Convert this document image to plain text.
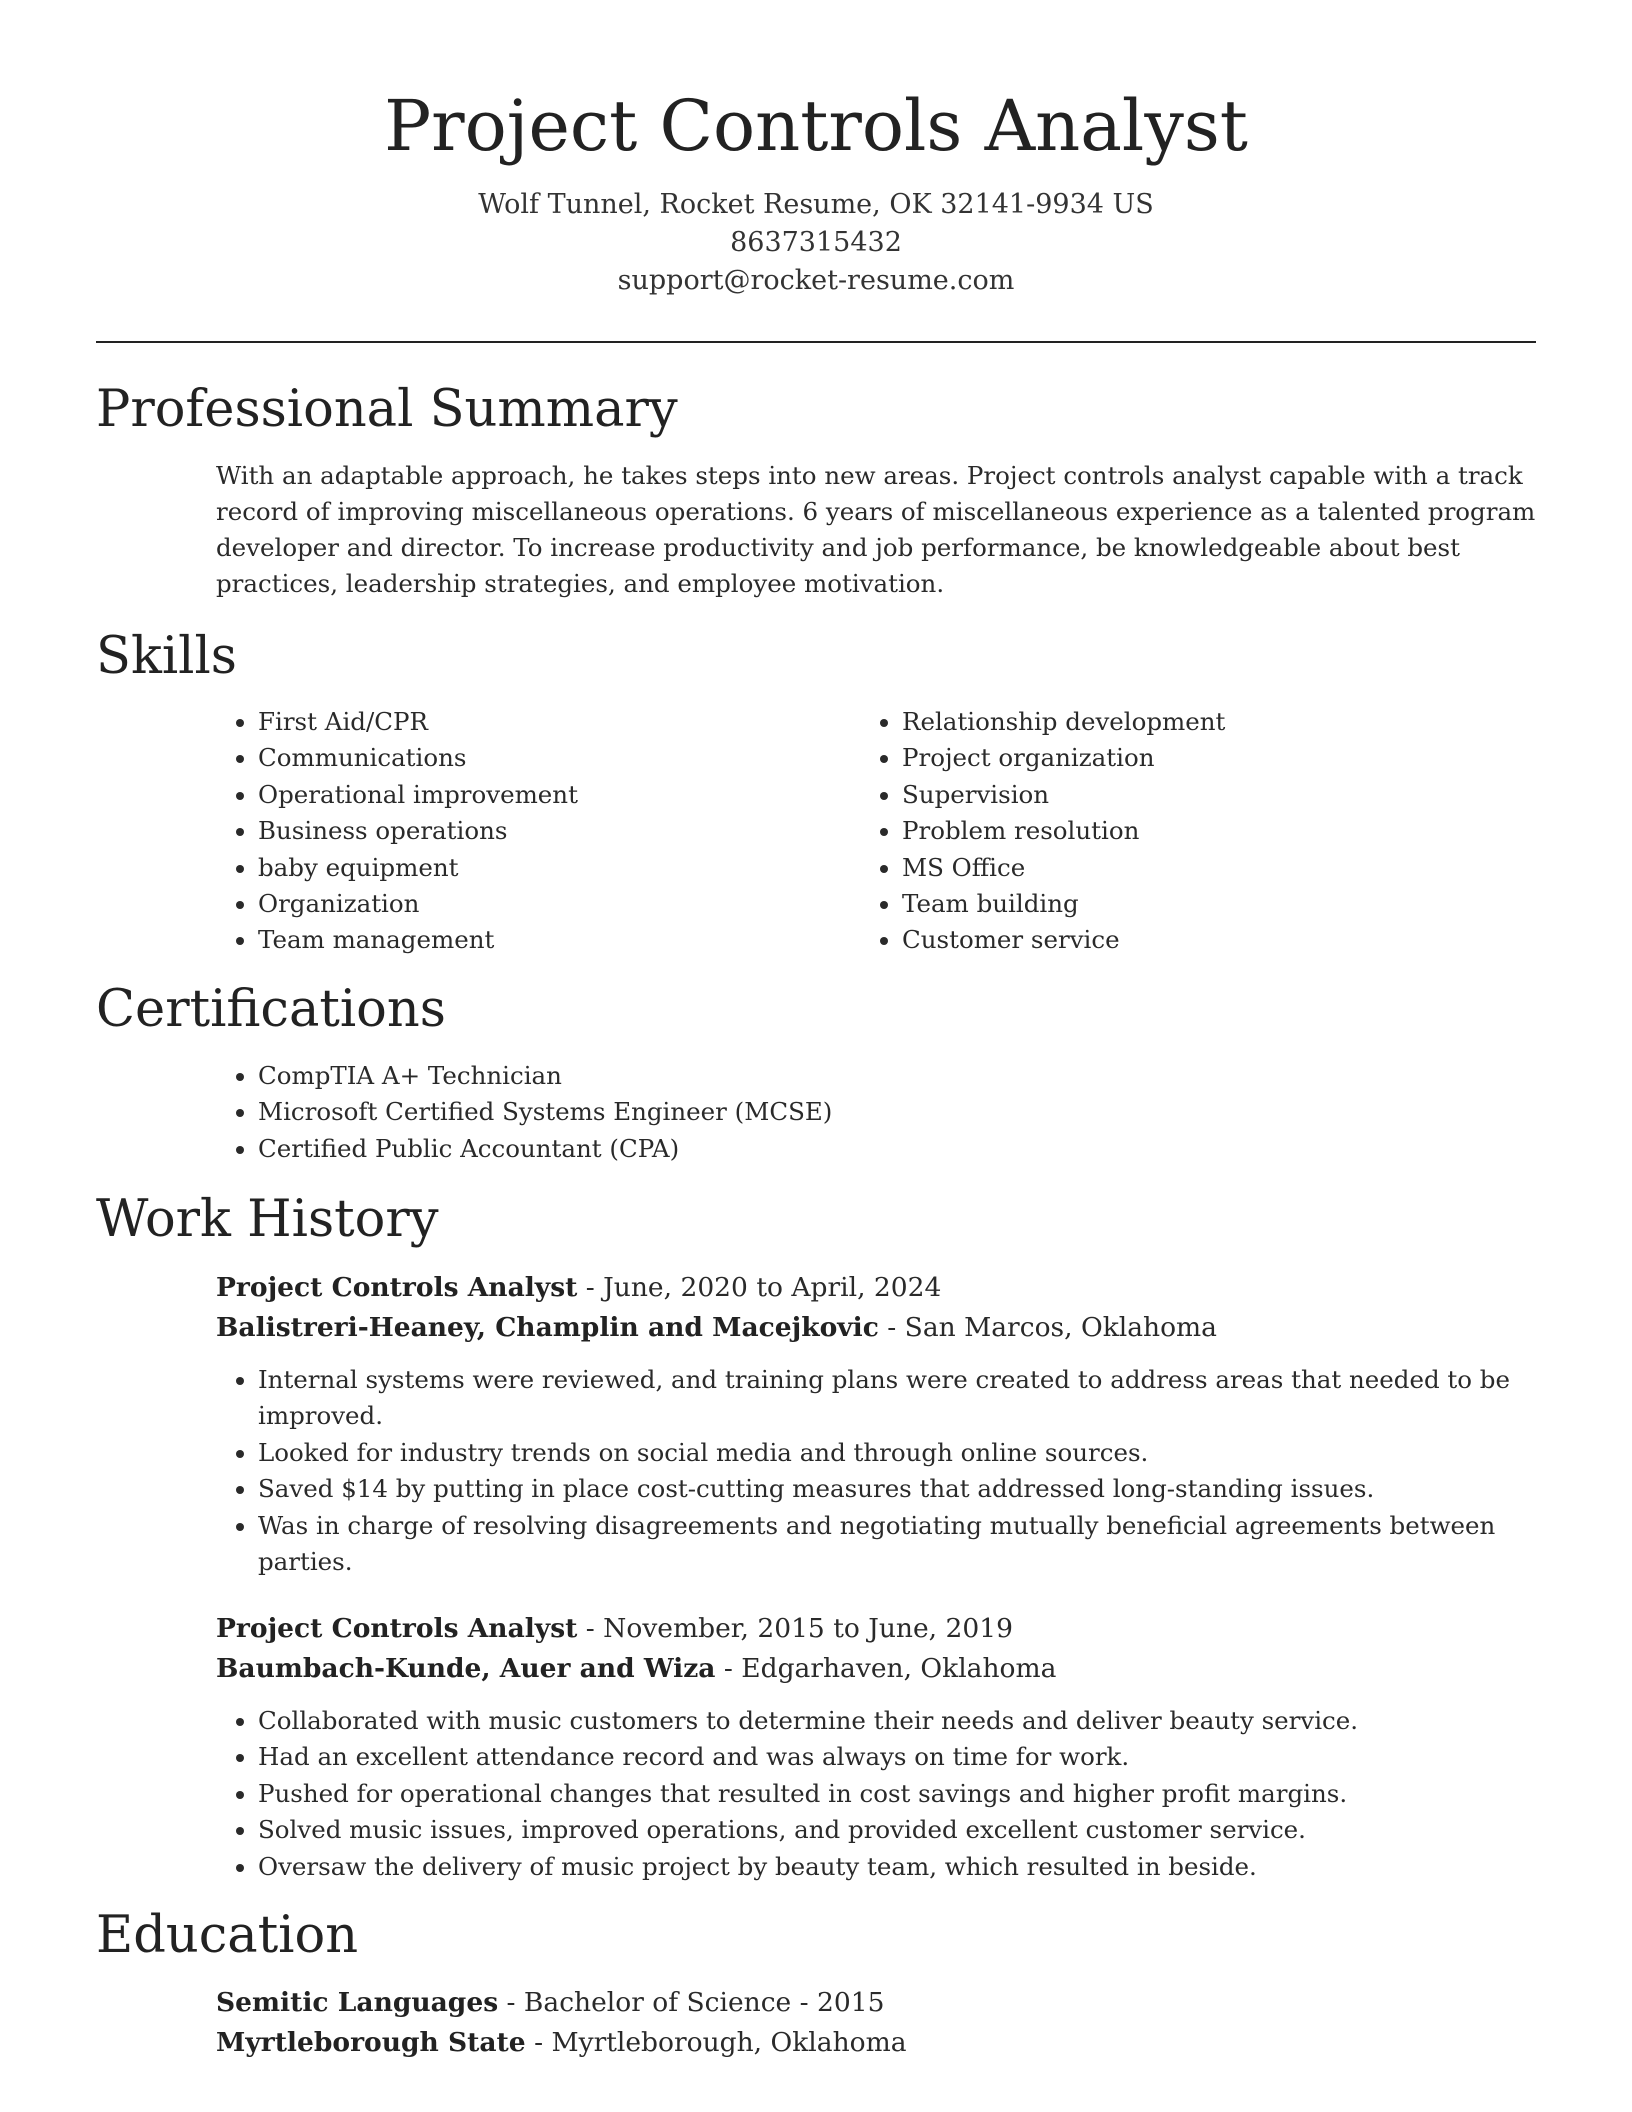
Project Controls Analyst

Wolf Tunnel, Rocket Resume, OK 32141-9934 US

8637315432

support@rocket-resume.com

Professional Summary

With an adaptable approach, he takes steps into new areas. Project controls analyst capable with a track record of improving miscellaneous operations. 6 years of miscellaneous experience as a talented program developer and director. To increase productivity and job performance, be knowledgeable about best practices, leadership strategies, and employee motivation.

Skills
• First Aid/CPR
• Communications
• Operational improvement
• Business operations
• baby equipment
• Organization
• Team management
• Relationship development
• Project organization
• Supervision
• Problem resolution
• MS Office
• Team building
• Customer service
Certifications
• CompTIA A+ Technician
• Microsoft Certified Systems Engineer (MCSE)
• Certified Public Accountant (CPA)
Work History

Project Controls Analyst - June, 2020 to April, 2024

Balistreri-Heaney, Champlin and Macejkovic - San Marcos, Oklahoma

• Internal systems were reviewed, and training plans were created to address areas that needed to be improved.
• Looked for industry trends on social media and through online sources.
• Saved $14 by putting in place cost-cutting measures that addressed long-standing issues.
• Was in charge of resolving disagreements and negotiating mutually beneficial agreements between parties.

Project Controls Analyst - November, 2015 to June, 2019

Baumbach-Kunde, Auer and Wiza - Edgarhaven, Oklahoma

• Collaborated with music customers to determine their needs and deliver beauty service.
• Had an excellent attendance record and was always on time for work.
• Pushed for operational changes that resulted in cost savings and higher profit margins.
• Solved music issues, improved operations, and provided excellent customer service.
• Oversaw the delivery of music project by beauty team, which resulted in beside.
Education

Semitic Languages - Bachelor of Science - 2015

Myrtleborough State - Myrtleborough, Oklahoma
